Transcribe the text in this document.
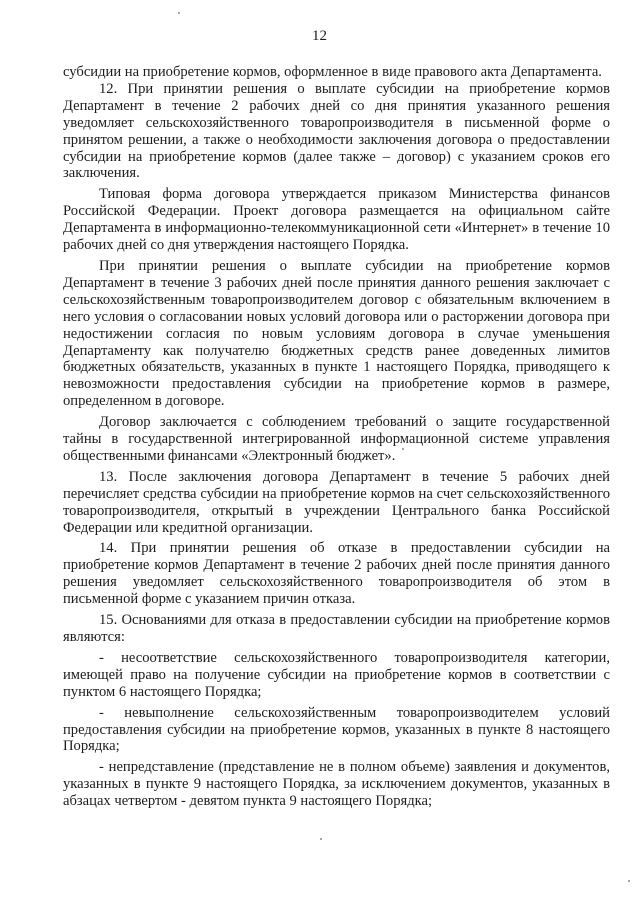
12

субсидии на приобретение кормов, оформленное в виде правового акта Департамента.

12. При принятии решения о выплате субсидии на приобретение кормов Департамент в течение 2 рабочих дней со дня принятия указанного решения уведомляет сельскохозяйственного товаропроизводителя в письменной форме о принятом решении, а также о необходимости заключения договора о предоставлении субсидии на приобретение кормов (далее также – договор) с указанием сроков его заключения.

Типовая форма договора утверждается приказом Министерства финансов Российской Федерации. Проект договора размещается на официальном сайте Департамента в информационно-телекоммуникационной сети «Интернет» в течение 10 рабочих дней со дня утверждения настоящего Порядка.

При принятии решения о выплате субсидии на приобретение кормов Департамент в течение 3 рабочих дней после принятия данного решения заключает с сельскохозяйственным товаропроизводителем договор с обязательным включением в него условия о согласовании новых условий договора или о расторжении договора при недостижении согласия по новым условиям договора в случае уменьшения Департаменту как получателю бюджетных средств ранее доведенных лимитов бюджетных обязательств, указанных в пункте 1 настоящего Порядка, приводящего к невозможности предоставления субсидии на приобретение кормов в размере, определенном в договоре.

Договор заключается с соблюдением требований о защите государственной тайны в государственной интегрированной информационной системе управления общественными финансами «Электронный бюджет».

13. После заключения договора Департамент в течение 5 рабочих дней перечисляет средства субсидии на приобретение кормов на счет сельскохозяйственного товаропроизводителя, открытый в учреждении Центрального банка Российской Федерации или кредитной организации.

14. При принятии решения об отказе в предоставлении субсидии на приобретение кормов Департамент в течение 2 рабочих дней после принятия данного решения уведомляет сельскохозяйственного товаропроизводителя об этом в письменной форме с указанием причин отказа.

15. Основаниями для отказа в предоставлении субсидии на приобретение кормов являются:

- несоответствие сельскохозяйственного товаропроизводителя категории, имеющей право на получение субсидии на приобретение кормов в соответствии с пунктом 6 настоящего Порядка;

- невыполнение сельскохозяйственным товаропроизводителем условий предоставления субсидии на приобретение кормов, указанных в пункте 8 настоящего Порядка;

- непредставление (представление не в полном объеме) заявления и документов, указанных в пункте 9 настоящего Порядка, за исключением документов, указанных в абзацах четвертом - девятом пункта 9 настоящего Порядка;
